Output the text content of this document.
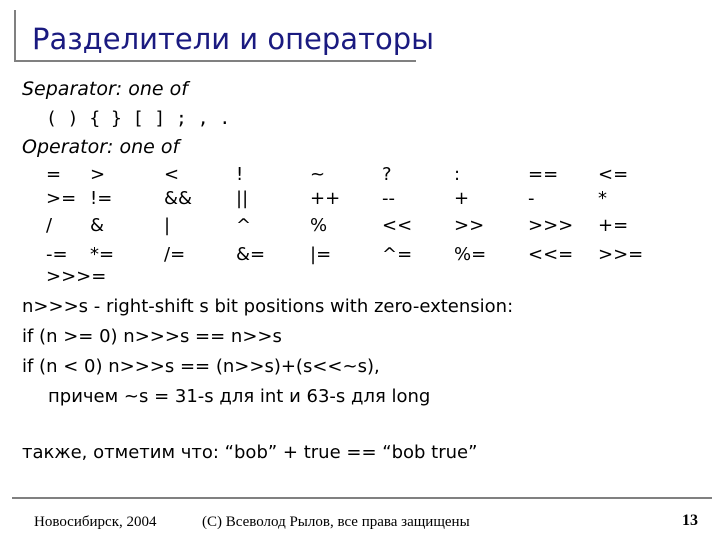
Разделители и операторы
Separator: one of
( ) { } [ ] ; , .
Operator: one of
= >	<	!	~	?	:	== <=
>= !=	&& ||	++ --	+	-	*
/ &	|	^	%	<< >> >>> +=
-= *=	/=	&= |=	^= %= <<= >>=
>>>=
n>>>s - right-shift s bit positions with zero-extension:
if (n >= 0) n>>>s == n>>s
if (n < 0) n>>>s == (n>>s)+(s<<~s),
причем ~s = 31-s для int и 63-s для long
также, отметим что: “bob” + true == “bob true”
Новосибирск, 2004	(С) Всеволод Рылов, все права защищены	13
